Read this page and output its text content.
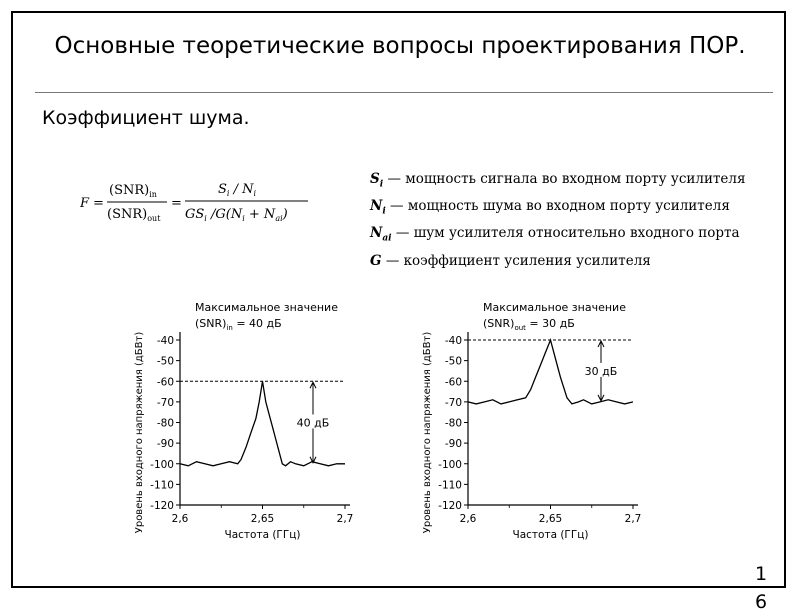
Основные теоретические вопросы проектирования ПОР.
Коэффициент шума.
F =
$(SNR)_{in}$
$(SNR)_{out}$
=
$S_i / N_i$
$GS_i$ $/G(N_i + N_{ai})$
$S_i$ — мощность сигнала во входном порту усилителя
$N_i$ — мощность шума во входном порту усилителя
$N_{ai}$ — шум усилителя относительно входного порта
G — коэффициент усиления усилителя
Максимальное значение
$(SNR)_{in} = 40$ дБ
-40
-50
-60
-70
-80
-90
-100
-110
-120
2,6	2,65	2,7
Частота (ГГц)
Уровень входного напряжения (дБВт)	40 дБ
Максимальное значение
$(SNR)_{out} = 30$ дБ
-40
-50
-60
-70
-80
-90
-100
-110
-120
2,6	2,65	2,7
Частота (ГГц)
Уровень входного напряжения (дБВт)	30 дБ
1
6
